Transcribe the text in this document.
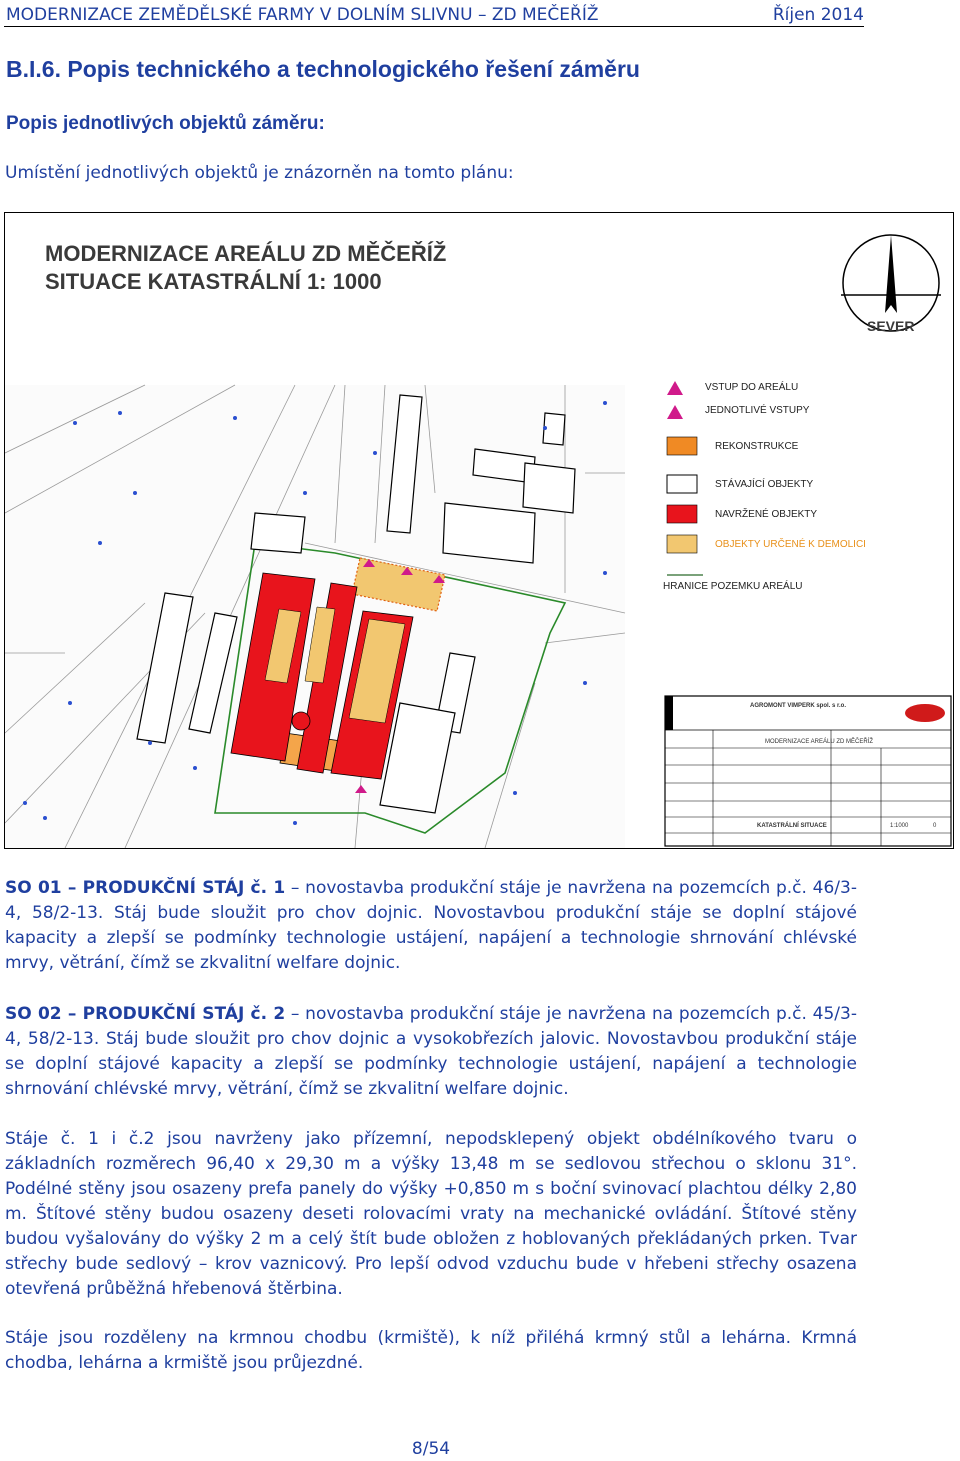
MODERNIZACE ZEMĚDĚLSKÉ FARMY V DOLNÍM SLIVNU – ZD MEČEŘÍŽ	Říjen 2014
B.I.6. Popis technického a technologického řešení záměru
Popis jednotlivých objektů záměru:
Umístění jednotlivých objektů je znázorněn na tomto plánu:
MODERNIZACE AREÁLU ZD MĚČEŘÍŽ
SITUACE KATASTRÁLNÍ 1: 1000
SEVER
VSTUP DO AREÁLU
JEDNOTLIVÉ VSTUPY
REKONSTRUKCE
STÁVAJÍCÍ OBJEKTY
NAVRŽENÉ OBJEKTY
OBJEKTY URČENÉ K DEMOLICI
HRANICE POZEMKU AREÁLU
AGROMONT VIMPERK spol. s r.o.
MODERNIZACE AREÁLU ZD MĚČEŘÍŽ
KATASTRÁLNÍ SITUACE	1:1000	0
SO 01 – PRODUKČNÍ STÁJ č. 1 – novostavba produkční stáje je navržena na pozemcích p.č. 46/3-4, 58/2-13. Stáj bude sloužit pro chov dojnic. Novostavbou produkční stáje se doplní stájové kapacity a zlepší se podmínky technologie ustájení, napájení a technologie shrnování chlévské mrvy, větrání, čímž se zkvalitní welfare dojnic.
SO 02 – PRODUKČNÍ STÁJ č. 2 – novostavba produkční stáje je navržena na pozemcích p.č. 45/3-4, 58/2-13. Stáj bude sloužit pro chov dojnic a vysokobřezích jalovic. Novostavbou produkční stáje se doplní stájové kapacity a zlepší se podmínky technologie ustájení, napájení a technologie shrnování chlévské mrvy, větrání, čímž se zkvalitní welfare dojnic.
Stáje č. 1 i č.2 jsou navrženy jako přízemní, nepodsklepený objekt obdélníkového tvaru o základních rozměrech 96,40 x 29,30 m a výšky 13,48 m se sedlovou střechou o sklonu 31°. Podélné stěny jsou osazeny prefa panely do výšky +0,850 m s boční svinovací plachtou délky 2,80 m. Štítové stěny budou osazeny deseti rolovacími vraty na mechanické ovládání. Štítové stěny budou vyšalovány do výšky 2 m a celý štít bude obložen z hoblovaných překládaných prken. Tvar střechy bude sedlový – krov vaznicový. Pro lepší odvod vzduchu bude v hřebeni střechy osazena otevřená průběžná hřebenová štěrbina.
Stáje jsou rozděleny na krmnou chodbu (krmiště), k níž přiléhá krmný stůl a lehárna. Krmná chodba, lehárna a krmiště jsou průjezdné.
8/54
